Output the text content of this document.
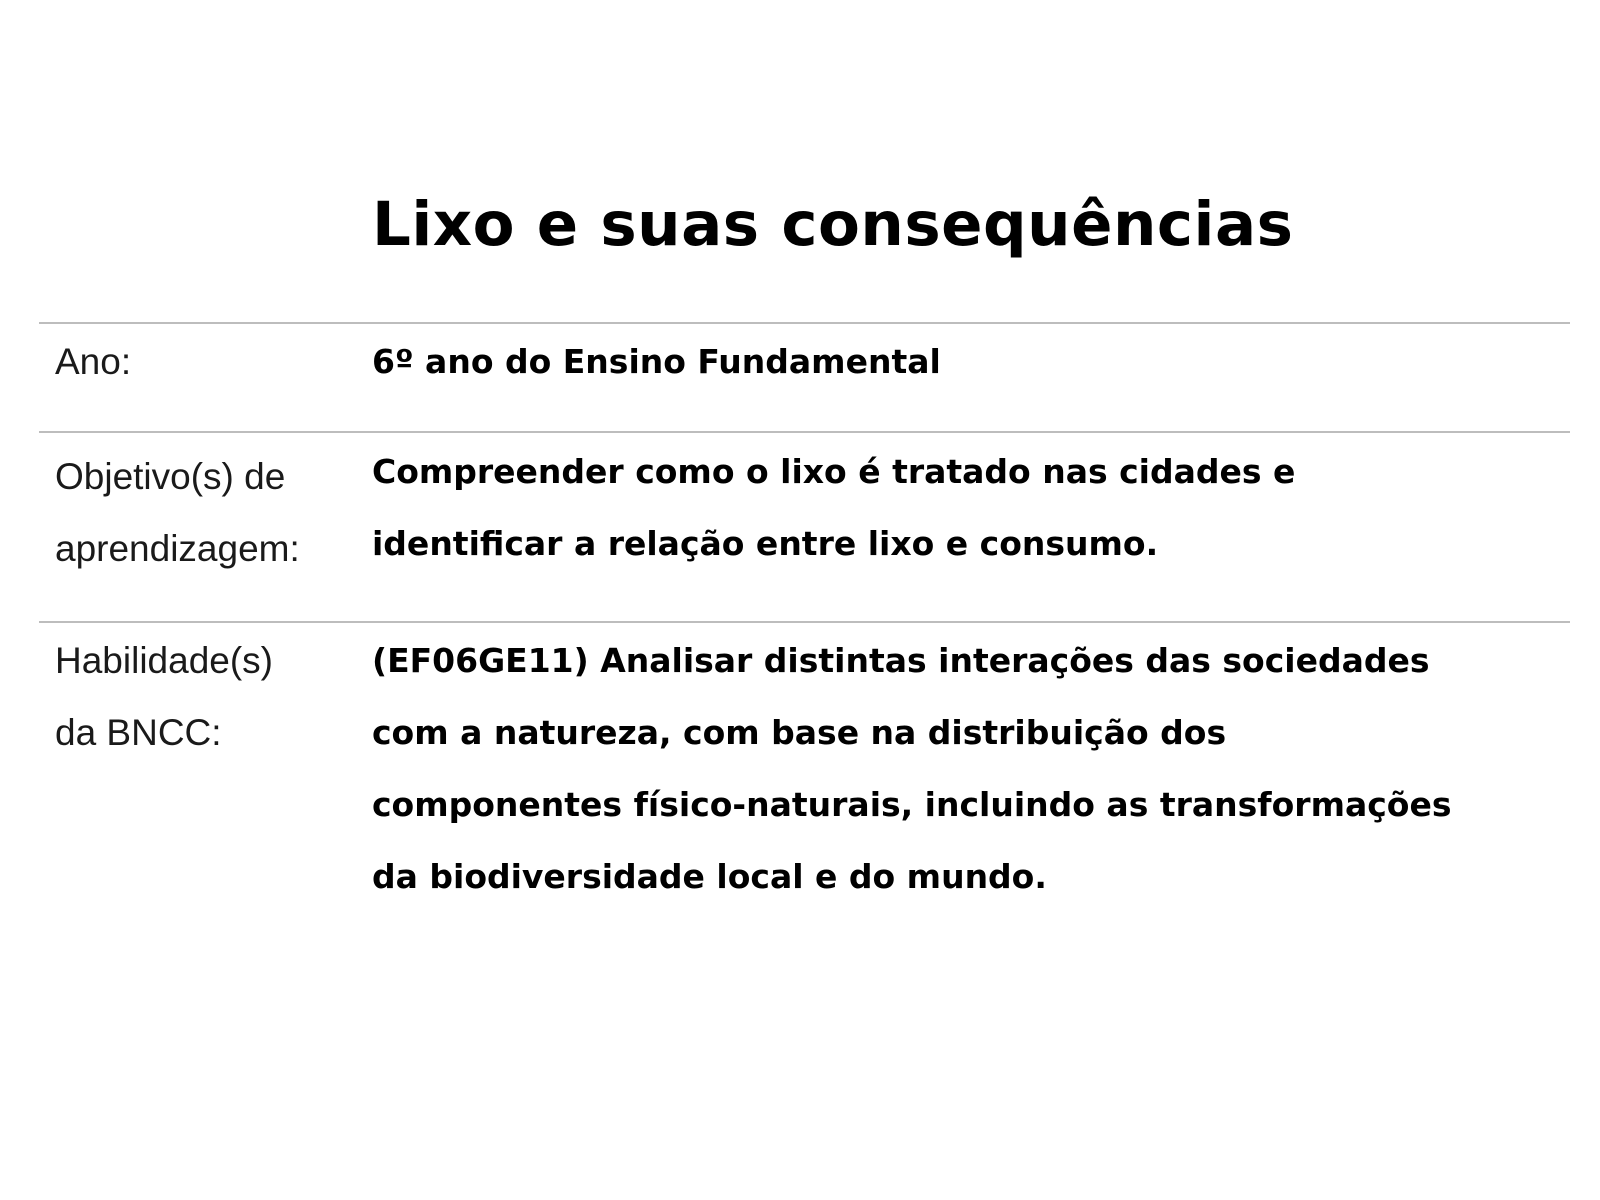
Lixo e suas consequências
Ano:	6º ano do Ensino Fundamental
Objetivo(s) de
aprendizagem:
Compreender como o lixo é tratado nas cidades e
identificar a relação entre lixo e consumo.
Habilidade(s)
da BNCC:
(EF06GE11) Analisar distintas interações das sociedades
com a natureza, com base na distribuição dos
componentes físico-naturais, incluindo as transformações
da biodiversidade local e do mundo.
